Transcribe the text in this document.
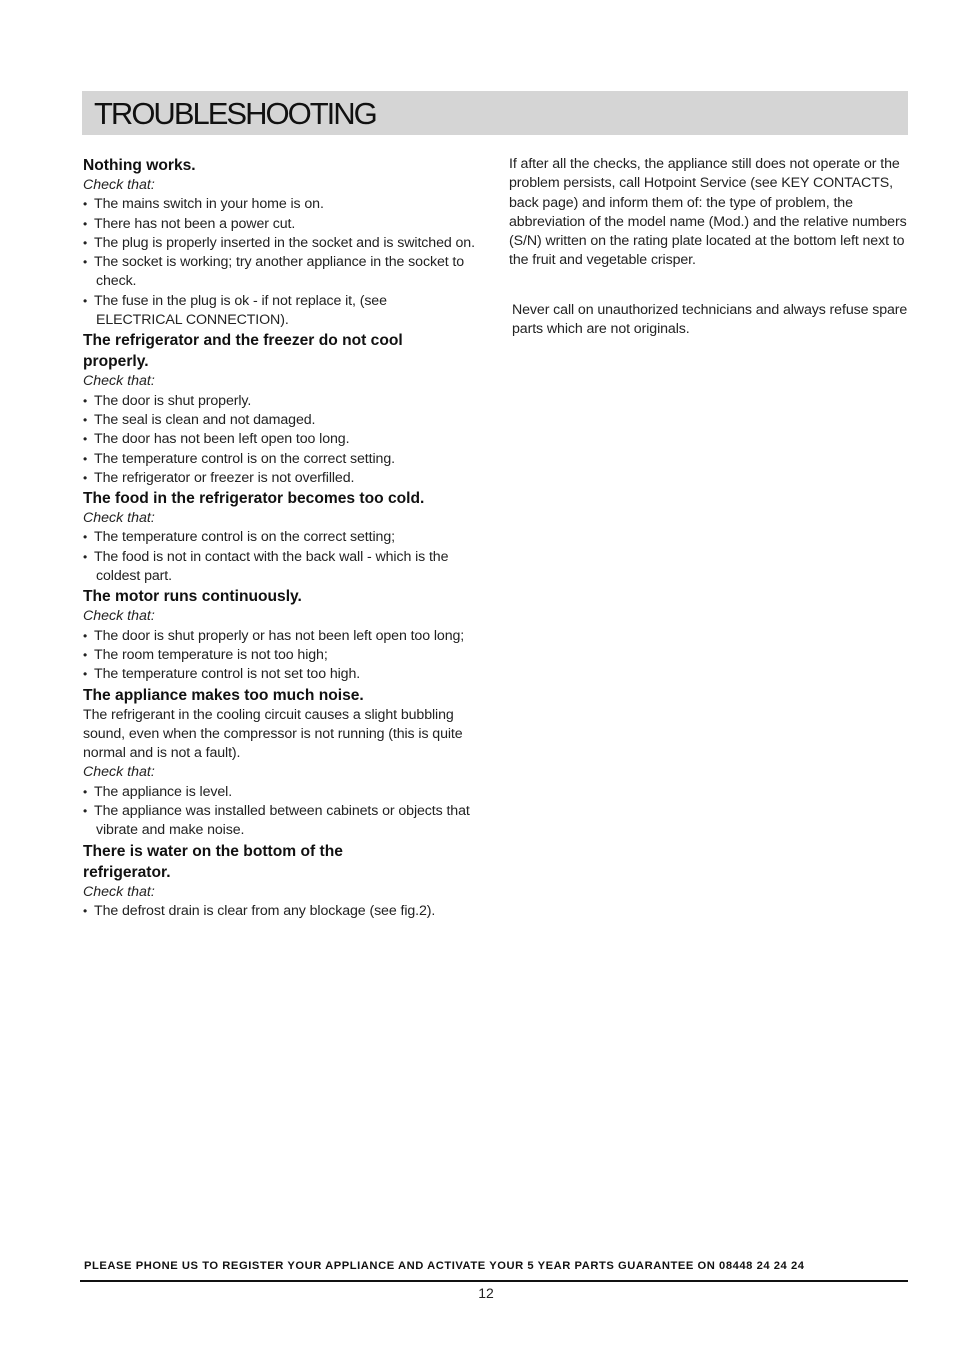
TROUBLESHOOTING

Nothing works.

Check that:

• The mains switch in your home is on.
• There has not been a power cut.
• The plug is properly inserted in the socket and is switched on.
• The socket is working; try another appliance in the socket to check.
• The fuse in the plug is ok - if not replace it, (see ELECTRICAL CONNECTION).

The refrigerator and the freezer do not cool properly.

Check that:

• The door is shut properly.
• The seal is clean and not damaged.
• The door has not been left open too long.
• The temperature control is on the correct setting.
• The refrigerator or freezer is not overfilled.

The food in the refrigerator becomes too cold.

Check that:

• The temperature control is on the correct setting;
• The food is not in contact with the back wall - which is the coldest part.

The motor runs continuously.

Check that:

• The door is shut properly or has not been left open too long;
• The room temperature is not too high;
• The temperature control is not set too high.

The appliance makes too much noise.

The refrigerant in the cooling circuit causes a slight bubbling sound, even when the compressor is not running (this is quite normal and is not a fault).

Check that:

• The appliance is level.
• The appliance was installed between cabinets or objects that vibrate and make noise.

There is water on the bottom of the refrigerator.

Check that:

• The defrost drain is clear from any blockage (see fig.2).

If after all the checks, the appliance still does not operate or the problem persists, call Hotpoint Service (see KEY CONTACTS, back page) and inform them of: the type of problem, the abbreviation of the model name (Mod.) and the relative numbers (S/N) written on the rating plate located at the bottom left next to the fruit and vegetable crisper.

Never call on unauthorized technicians and always refuse spare parts which are not originals.

PLEASE PHONE US TO REGISTER YOUR APPLIANCE AND ACTIVATE YOUR 5 YEAR PARTS GUARANTEE ON 08448 24 24 24
12
